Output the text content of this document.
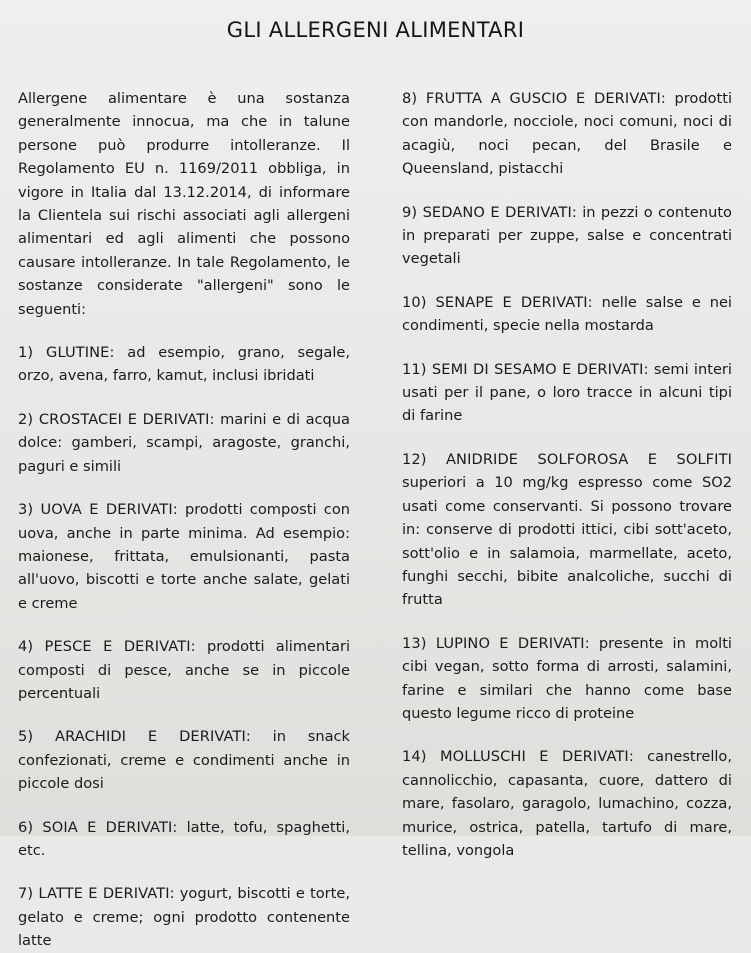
GLI ALLERGENI ALIMENTARI
Allergene alimentare è una sostanza generalmente innocua, ma che in talune persone può produrre intolleranze. Il Regolamento EU n. 1169/2011 obbliga, in vigore in Italia dal 13.12.2014, di informare la Clientela sui rischi associati agli allergeni alimentari ed agli alimenti che possono causare intolleranze. In tale Regolamento, le sostanze considerate "allergeni" sono le seguenti:
1) GLUTINE: ad esempio, grano, segale, orzo, avena, farro, kamut, inclusi ibridati
2) CROSTACEI E DERIVATI: marini e di acqua dolce: gamberi, scampi, aragoste, granchi, paguri e simili
3) UOVA E DERIVATI: prodotti composti con uova, anche in parte minima. Ad esempio: maionese, frittata, emulsionanti, pasta all'uovo, biscotti e torte anche salate, gelati e creme
4) PESCE E DERIVATI: prodotti alimentari composti di pesce, anche se in piccole percentuali
5) ARACHIDI E DERIVATI: in snack confezionati, creme e condimenti anche in piccole dosi
6) SOIA E DERIVATI: latte, tofu, spaghetti, etc.
7) LATTE E DERIVATI: yogurt, biscotti e torte, gelato e creme; ogni prodotto contenente latte
8) FRUTTA A GUSCIO E DERIVATI: prodotti con mandorle, nocciole, noci comuni, noci di acagiù, noci pecan, del Brasile e Queensland, pistacchi
9) SEDANO E DERIVATI: in pezzi o contenuto in preparati per zuppe, salse e concentrati vegetali
10) SENAPE E DERIVATI: nelle salse e nei condimenti, specie nella mostarda
11) SEMI DI SESAMO E DERIVATI: semi interi usati per il pane, o loro tracce in alcuni tipi di farine
12) ANIDRIDE SOLFOROSA E SOLFITI superiori a 10 mg/kg espresso come SO2 usati come conservanti. Si possono trovare in: conserve di prodotti ittici, cibi sott'aceto, sott'olio e in salamoia, marmellate, aceto, funghi secchi, bibite analcoliche, succhi di frutta
13) LUPINO E DERIVATI: presente in molti cibi vegan, sotto forma di arrosti, salamini, farine e similari che hanno come base questo legume ricco di proteine
14) MOLLUSCHI E DERIVATI: canestrello, cannolicchio, capasanta, cuore, dattero di mare, fasolaro, garagolo, lumachino, cozza, murice, ostrica, patella, tartufo di mare, tellina, vongola
